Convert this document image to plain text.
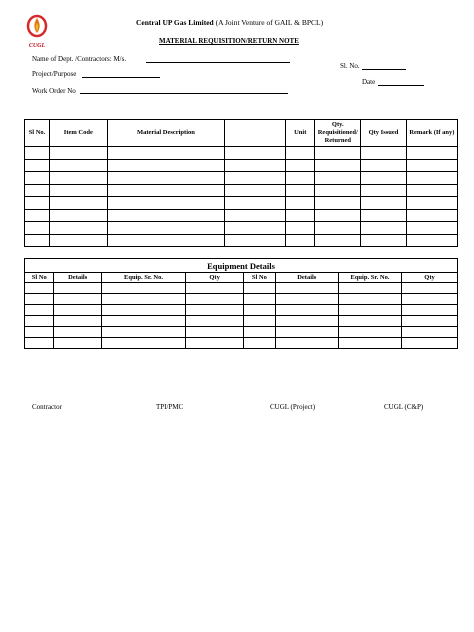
CUGL
Central UP Gas Limited (A Joint Venture of GAIL & BPCL)
MATERIAL REQUISITION/RETURN NOTE
Name of Dept. /Contractors: M/s.
Project/Purpose
Work Order No
Sl. No.
Date
Sl No.	Item Code	Material Description		Unit	Qty. Requisitioned/ Returned	Qty Issued	Remark (If any)

Equipment Details							
Sl No	Details	Equip. Sr. No.	Qty	Sl No	Details	Equip. Sr. No.	Qty

Contractor	TPI/PMC	CUGL (Project)	CUGL (C&P)
